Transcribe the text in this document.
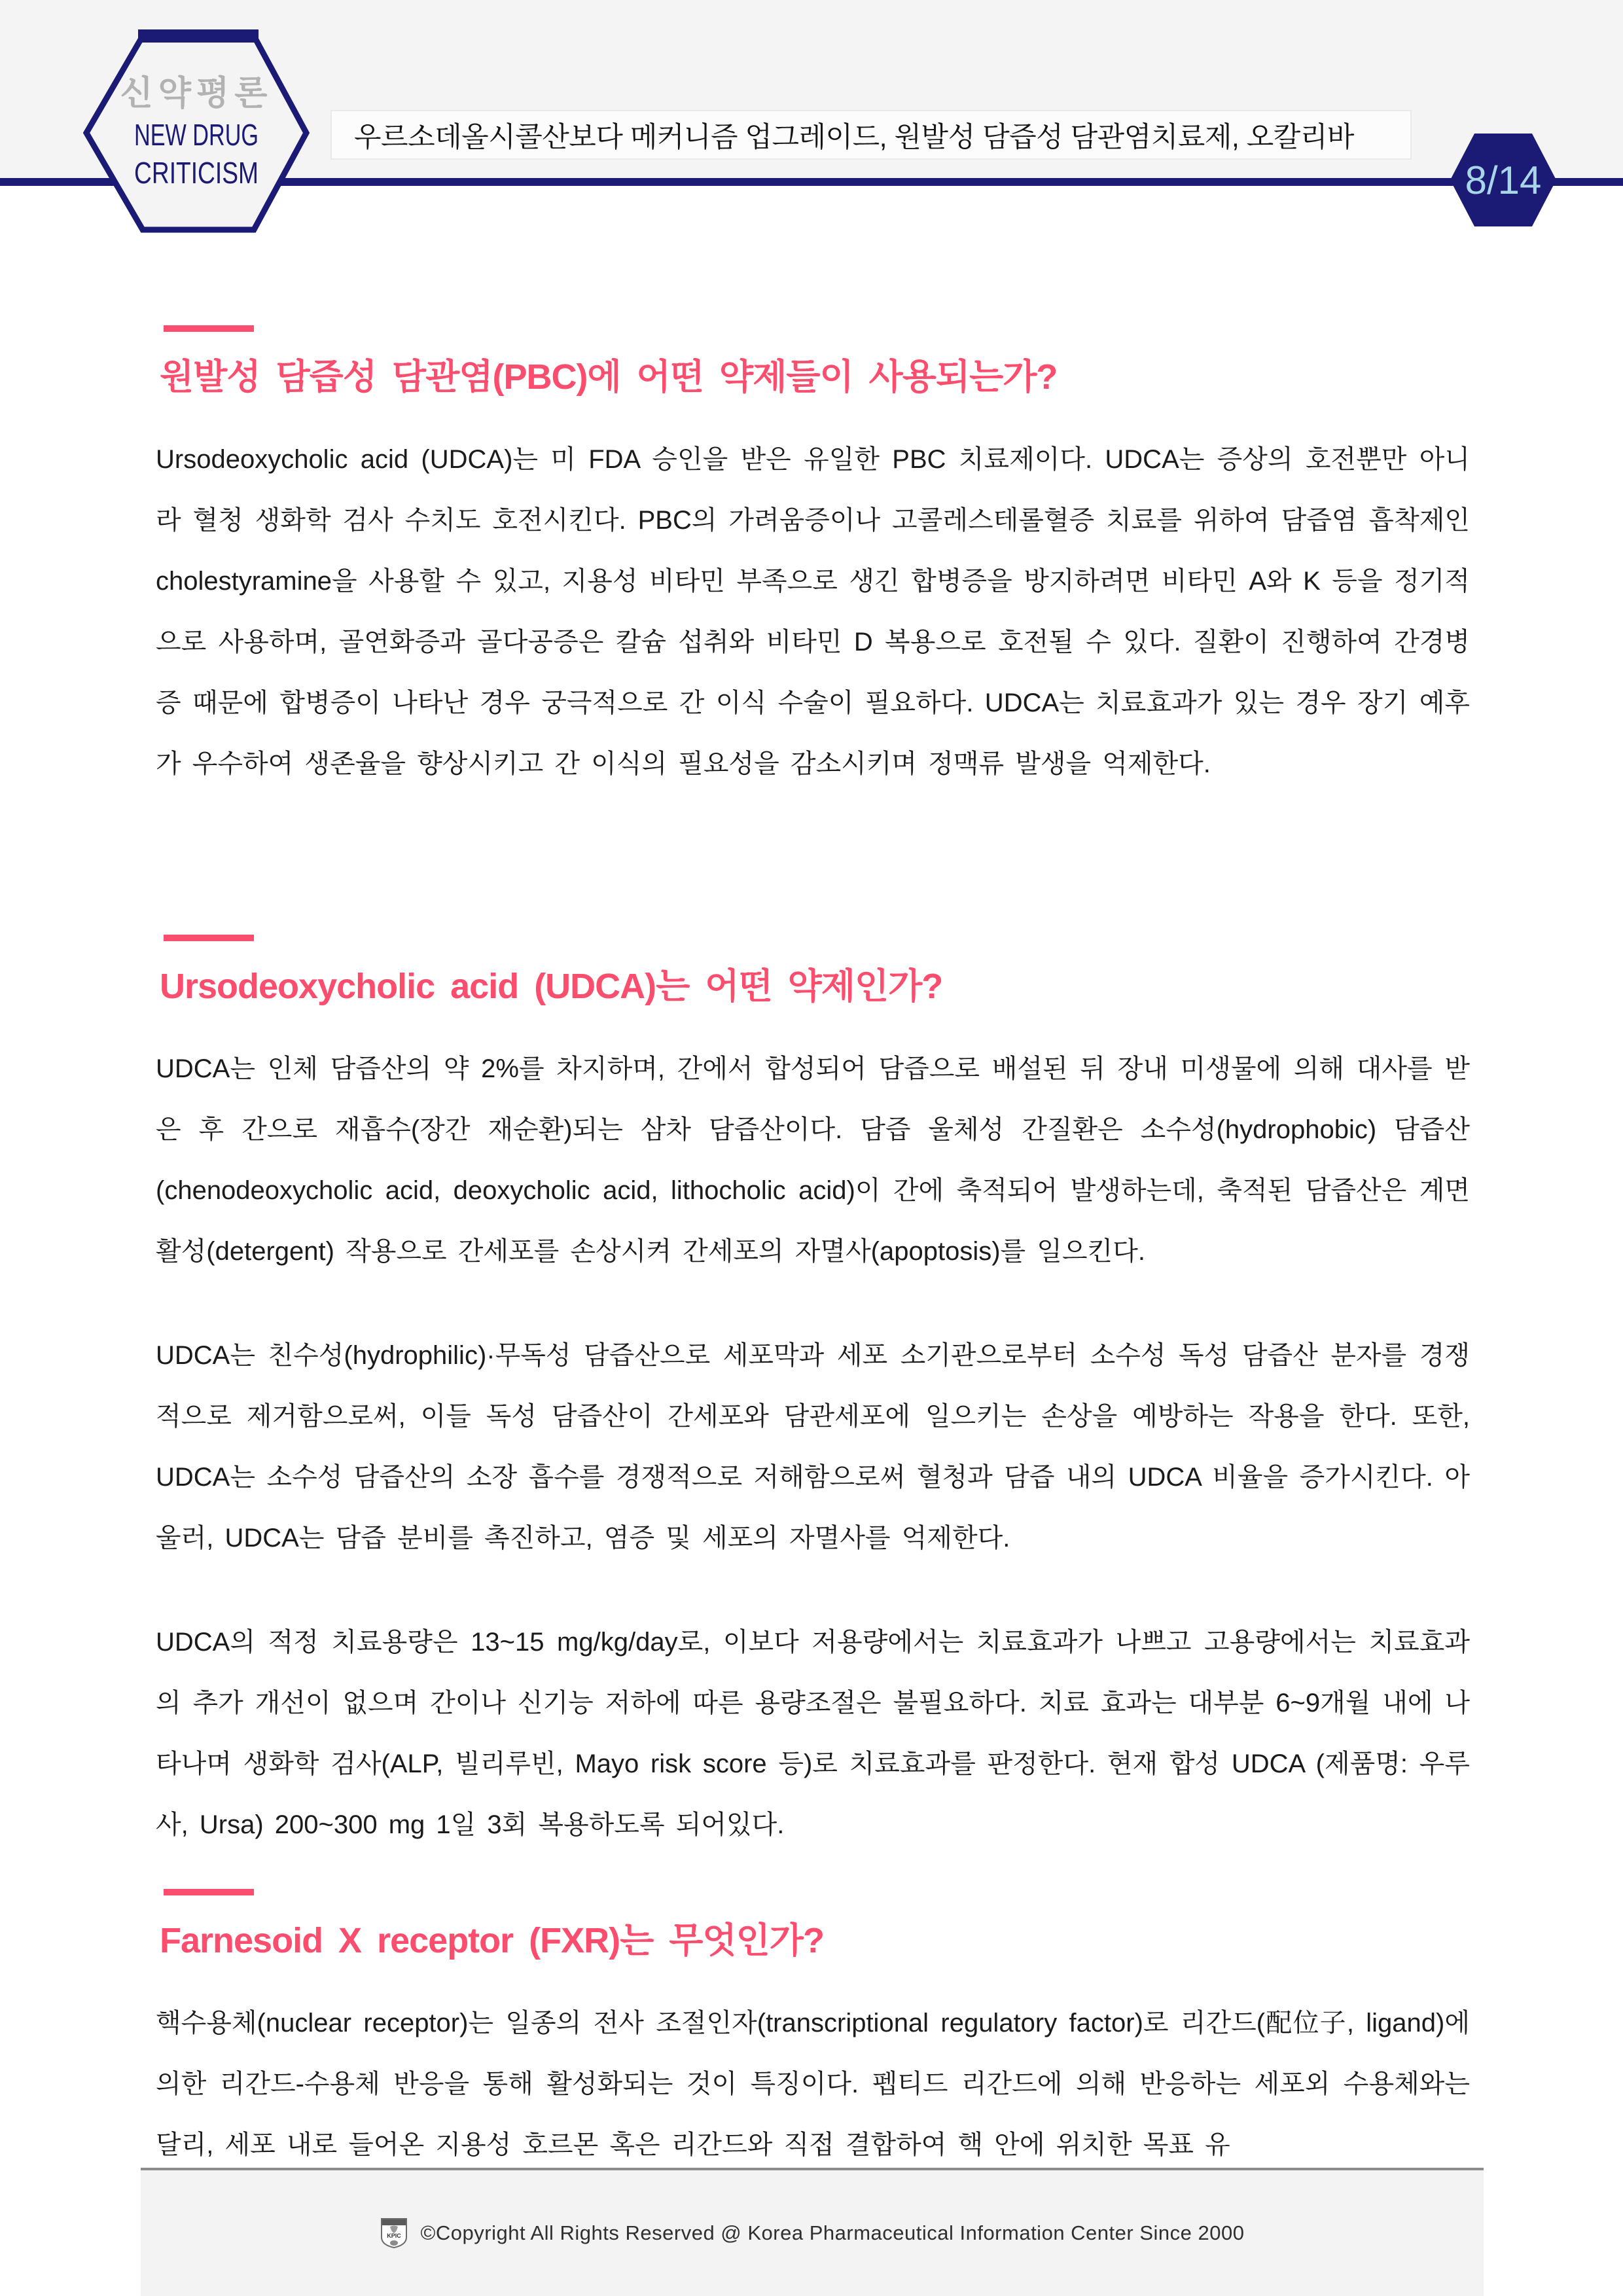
신약평론
NEW DRUG
CRITICISM
우르소데올시콜산보다 메커니즘 업그레이드, 원발성 담즙성 담관염치료제, 오칼리바
8/14
원발성 담즙성 담관염(PBC)에 어떤 약제들이 사용되는가?

Ursodeoxycholic acid (UDCA)는 미 FDA 승인을 받은 유일한 PBC 치료제이다. UDCA는 증상의 호전뿐만 아니라 혈청 생화학 검사 수치도 호전시킨다. PBC의 가려움증이나 고콜레스테롤혈증 치료를 위하여 담즙염 흡착제인 cholestyramine을 사용할 수 있고, 지용성 비타민 부족으로 생긴 합병증을 방지하려면 비타민 A와 K 등을 정기적으로 사용하며, 골연화증과 골다공증은 칼슘 섭취와 비타민 D 복용으로 호전될 수 있다. 질환이 진행하여 간경병증 때문에 합병증이 나타난 경우 궁극적으로 간 이식 수술이 필요하다. UDCA는 치료효과가 있는 경우 장기 예후가 우수하여 생존율을 향상시키고 간 이식의 필요성을 감소시키며 정맥류 발생을 억제한다.

Ursodeoxycholic acid (UDCA)는 어떤 약제인가?

UDCA는 인체 담즙산의 약 2%를 차지하며, 간에서 합성되어 담즙으로 배설된 뒤 장내 미생물에 의해 대사를 받은 후 간으로 재흡수(장간 재순환)되는 삼차 담즙산이다. 담즙 울체성 간질환은 소수성(hydrophobic) 담즙산(chenodeoxycholic acid, deoxycholic acid, lithocholic acid)이 간에 축적되어 발생하는데, 축적된 담즙산은 계면활성(detergent) 작용으로 간세포를 손상시켜 간세포의 자멸사(apoptosis)를 일으킨다.

UDCA는 친수성(hydrophilic)·무독성 담즙산으로 세포막과 세포 소기관으로부터 소수성 독성 담즙산 분자를 경쟁적으로 제거함으로써, 이들 독성 담즙산이 간세포와 담관세포에 일으키는 손상을 예방하는 작용을 한다. 또한, UDCA는 소수성 담즙산의 소장 흡수를 경쟁적으로 저해함으로써 혈청과 담즙 내의 UDCA 비율을 증가시킨다. 아울러, UDCA는 담즙 분비를 촉진하고, 염증 및 세포의 자멸사를 억제한다.

UDCA의 적정 치료용량은 13~15 mg/kg/day로, 이보다 저용량에서는 치료효과가 나쁘고 고용량에서는 치료효과의 추가 개선이 없으며 간이나 신기능 저하에 따른 용량조절은 불필요하다. 치료 효과는 대부분 6~9개월 내에 나타나며 생화학 검사(ALP, 빌리루빈, Mayo risk score 등)로 치료효과를 판정한다. 현재 합성 UDCA (제품명: 우루사, Ursa) 200~300 mg 1일 3회 복용하도록 되어있다.

Farnesoid X receptor (FXR)는 무엇인가?

핵수용체(nuclear receptor)는 일종의 전사 조절인자(transcriptional regulatory factor)로 리간드(配位子, ligand)에 의한 리간드-수용체 반응을 통해 활성화되는 것이 특징이다. 펩티드 리간드에 의해 반응하는 세포외 수용체와는 달리, 세포 내로 들어온 지용성 호르몬 혹은 리간드와 직접 결합하여 핵 안에 위치한 목표 유

KPIC ©Copyright All Rights Reserved @ Korea Pharmaceutical Information Center Since 2000
